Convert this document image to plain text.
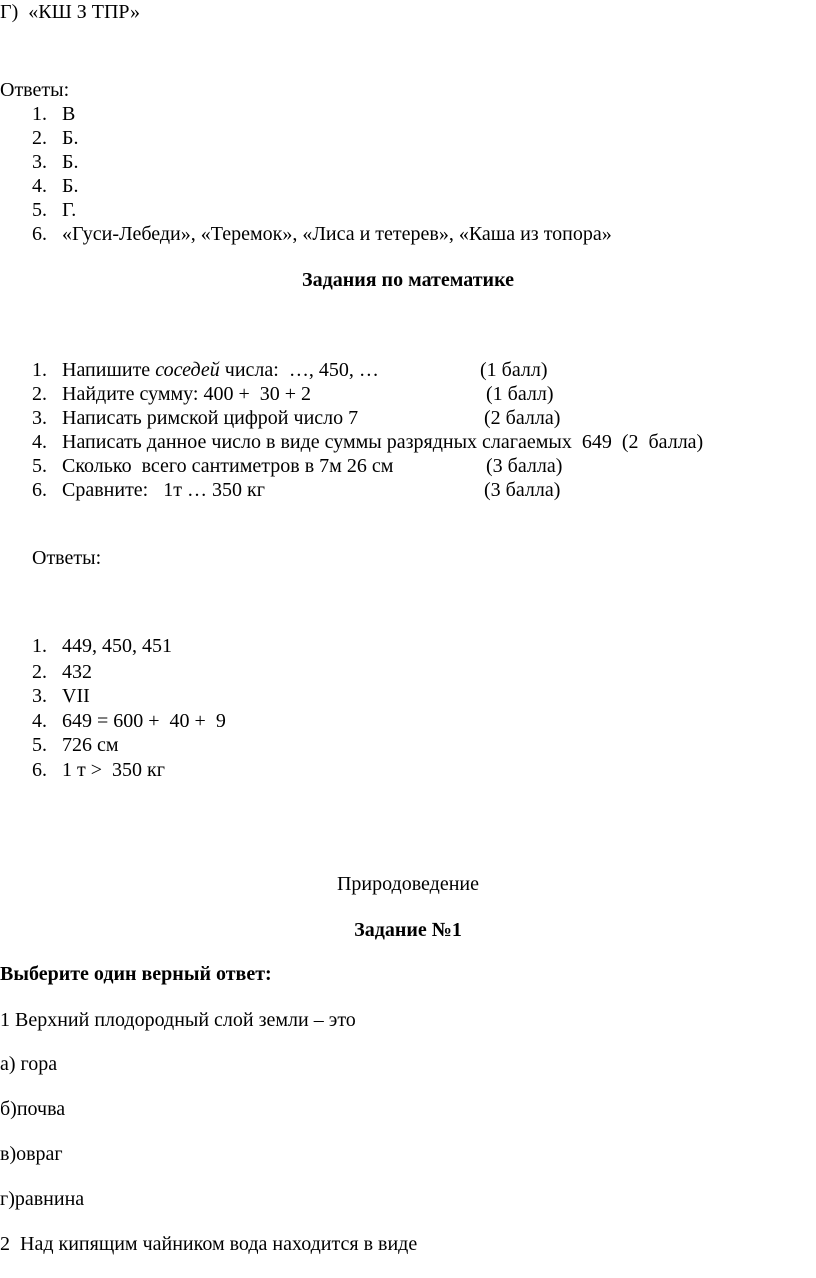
Г)  «КШ З ТПР»
Ответы:
1. В
2. Б.
3. Б.
4. Б.
5. Г.
6. «Гуси-Лебеди», «Теремок», «Лиса и тетерев», «Каша из топора»
Задания по математике
1. Напишите соседей числа:  …, 450, …	(1 балл)
2. Найдите сумму: 400 +  30 + 2	(1 балл)
3. Написать римской цифрой число 7	(2 балла)
4. Написать данное число в виде суммы разрядных слагаемых  649  (2  балла)
5. Сколько  всего сантиметров в 7м 26 см	(3 балла)
6. Сравните:   1т … 350 кг	(3 балла)
Ответы:
1. 449, 450, 451
2. 432
3. VII
4. 649 = 600 +  40 +  9
5. 726 см
6. 1 т >  350 кг
Природоведение
Задание №1
Выберите один верный ответ:
1 Верхний плодородный слой земли – это
а) гора
б)почва
в)овраг
г)равнина
2  Над кипящим чайником вода находится в виде
